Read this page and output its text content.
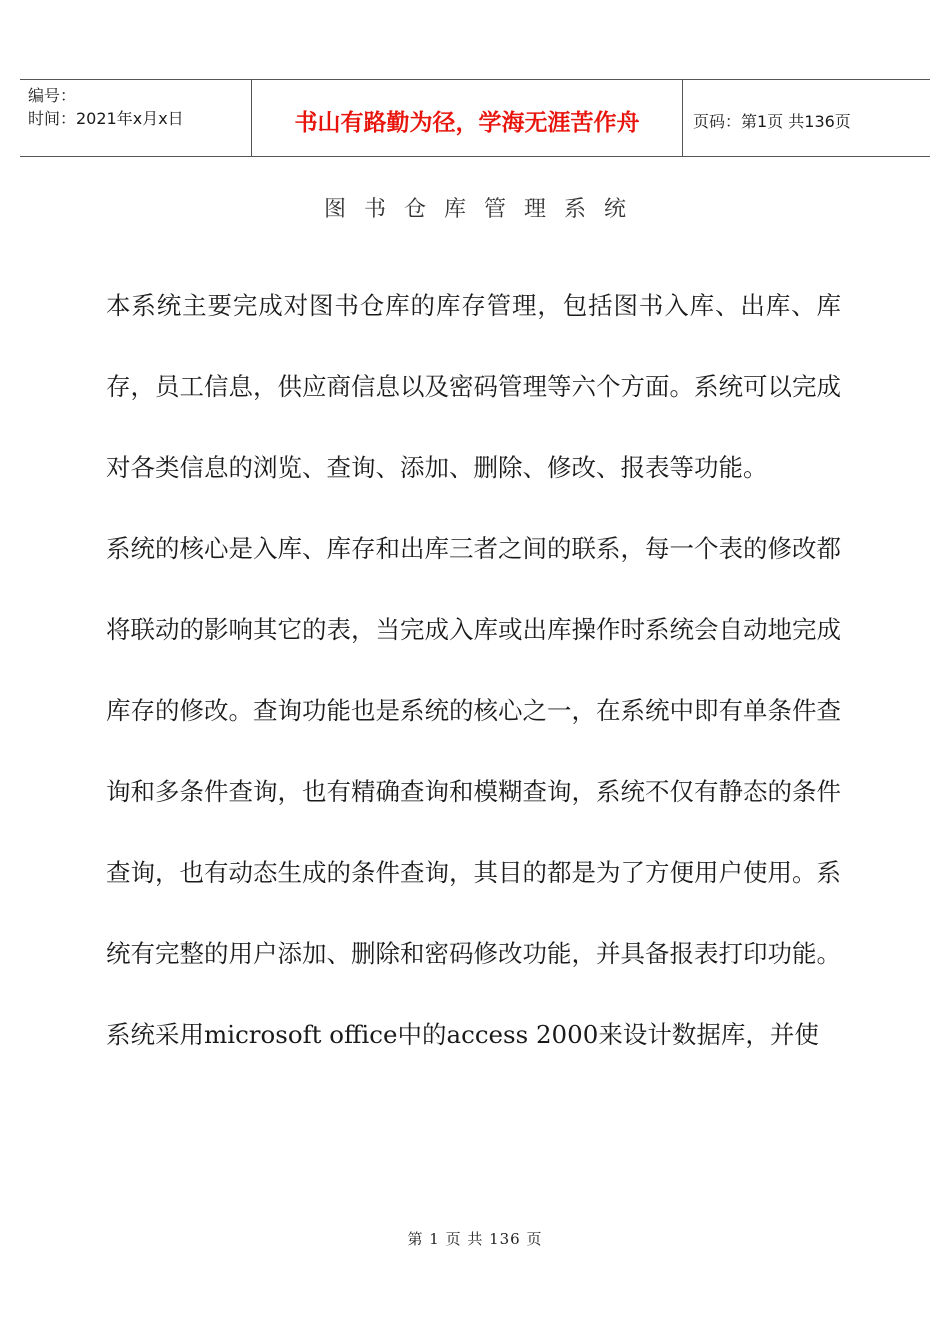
编号：
时间：2021年x月x日	书山有路勤为径，学海无涯苦作舟	页码：第1页 共136页
图书仓库管理系统

本系统主要完成对图书仓库的库存管理，包括图书入库、出库、库存，员工信息，供应商信息以及密码管理等六个方面。系统可以完成对各类信息的浏览、查询、添加、删除、修改、报表等功能。

系统的核心是入库、库存和出库三者之间的联系，每一个表的修改都将联动的影响其它的表，当完成入库或出库操作时系统会自动地完成库存的修改。查询功能也是系统的核心之一，在系统中即有单条件查询和多条件查询，也有精确查询和模糊查询，系统不仅有静态的条件查询，也有动态生成的条件查询，其目的都是为了方便用户使用。系统有完整的用户添加、删除和密码修改功能，并具备报表打印功能。

系统采用microsoft office中的access 2000来设计数据库，并使

第 1 页 共 136 页
